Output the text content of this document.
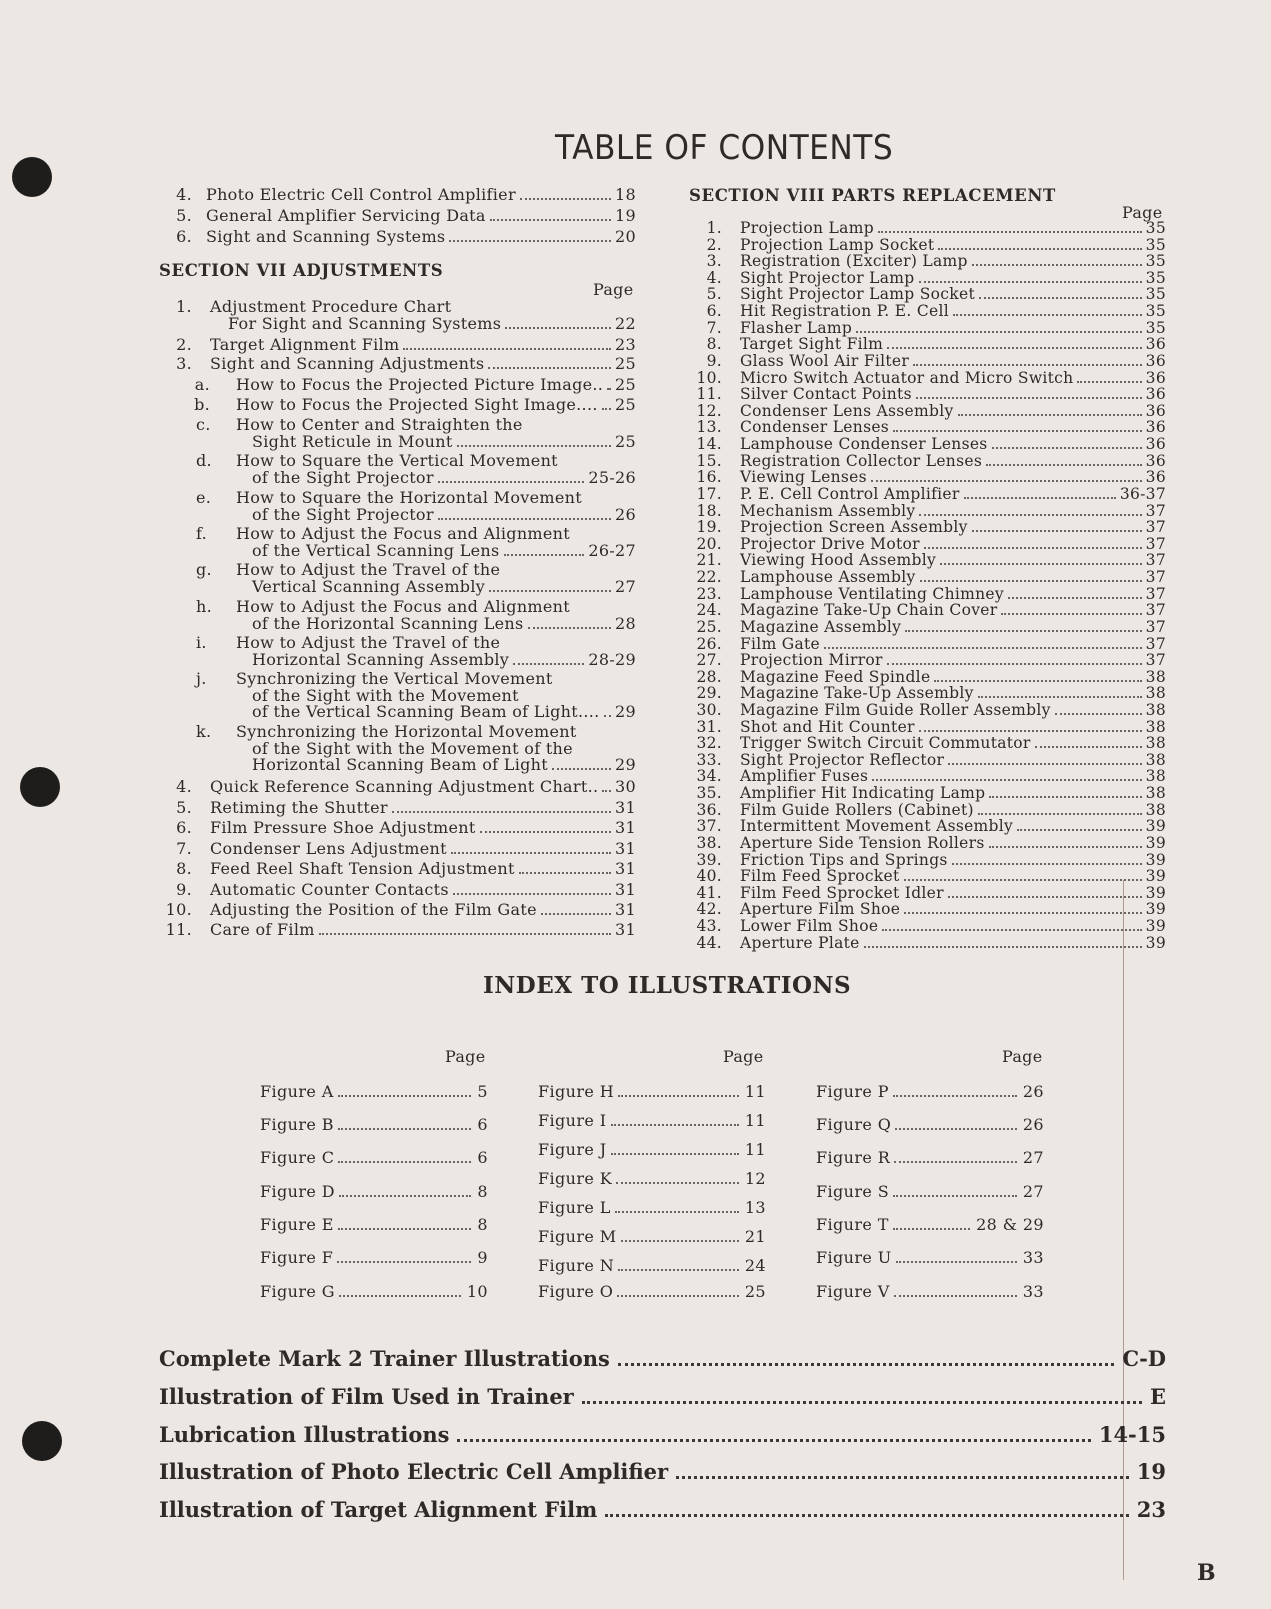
TABLE OF CONTENTS
4. Photo Electric Cell Control Amplifier	18
5. General Amplifier Servicing Data	19
6. Sight and Scanning Systems	20
SECTION VII ADJUSTMENTS
Page
1. Adjustment Procedure Chart
For Sight and Scanning Systems	22
2. Target Alignment Film	23
3. Sight and Scanning Adjustments	25
a. How to Focus the Projected Picture Image.. 25
b. How to Focus the Projected Sight Image.... 25
c. How to Center and Straighten the
Sight Reticule in Mount	25
d. How to Square the Vertical Movement
of the Sight Projector	25-26
e. How to Square the Horizontal Movement
of the Sight Projector	26
f. How to Adjust the Focus and Alignment
of the Vertical Scanning Lens	26-27
g. How to Adjust the Travel of the
Vertical Scanning Assembly	27
h. How to Adjust the Focus and Alignment
of the Horizontal Scanning Lens	28
i. How to Adjust the Travel of the
Horizontal Scanning Assembly	28-29
j. Synchronizing the Vertical Movement
of the Sight with the Movement
of the Vertical Scanning Beam of Light.... 29
k. Synchronizing the Horizontal Movement
of the Sight with the Movement of the
Horizontal Scanning Beam of Light	29
4. Quick Reference Scanning Adjustment Chart.. 30
5. Retiming the Shutter	31
6. Film Pressure Shoe Adjustment	31
7. Condenser Lens Adjustment	31
8. Feed Reel Shaft Tension Adjustment	31
9. Automatic Counter Contacts	31
10. Adjusting the Position of the Film Gate	31
11. Care of Film	31
SECTION VIII PARTS REPLACEMENT
Page
1. Projection Lamp	35
2. Projection Lamp Socket	35
3. Registration (Exciter) Lamp	35
4. Sight Projector Lamp	35
5. Sight Projector Lamp Socket	35
6. Hit Registration P. E. Cell	35
7. Flasher Lamp	35
8. Target Sight Film	36
9. Glass Wool Air Filter	36
10. Micro Switch Actuator and Micro Switch	36
11. Silver Contact Points	36
12. Condenser Lens Assembly	36
13. Condenser Lenses	36
14. Lamphouse Condenser Lenses	36
15. Registration Collector Lenses	36
16. Viewing Lenses	36
17. P. E. Cell Control Amplifier	36-37
18. Mechanism Assembly	37
19. Projection Screen Assembly	37
20. Projector Drive Motor	37
21. Viewing Hood Assembly	37
22. Lamphouse Assembly	37
23. Lamphouse Ventilating Chimney	37
24. Magazine Take-Up Chain Cover	37
25. Magazine Assembly	37
26. Film Gate	37
27. Projection Mirror	37
28. Magazine Feed Spindle	38
29. Magazine Take-Up Assembly	38
30. Magazine Film Guide Roller Assembly	38
31. Shot and Hit Counter	38
32. Trigger Switch Circuit Commutator	38
33. Sight Projector Reflector	38
34. Amplifier Fuses	38
35. Amplifier Hit Indicating Lamp	38
36. Film Guide Rollers (Cabinet)	38
37. Intermittent Movement Assembly	39
38. Aperture Side Tension Rollers	39
39. Friction Tips and Springs	39
40. Film Feed Sprocket	39
41. Film Feed Sprocket Idler	39
42. Aperture Film Shoe	39
43. Lower Film Shoe	39
44. Aperture Plate	39
INDEX TO ILLUSTRATIONS
Page	Page	Page
Figure A	5
Figure B	6
Figure C	6
Figure D	8
Figure E	8
Figure F	9
Figure G	10
Figure H	11
Figure I	11
Figure J	11
Figure K	12
Figure L	13
Figure M	21
Figure N	24
Figure O	25
Figure P	26
Figure Q	26
Figure R	27
Figure S	27
Figure T	28 & 29
Figure U	33
Figure V	33
Complete Mark 2 Trainer Illustrations	C-D
Illustration of Film Used in Trainer	E
Lubrication Illustrations	14-15
Illustration of Photo Electric Cell Amplifier	19
Illustration of Target Alignment Film	23
B
